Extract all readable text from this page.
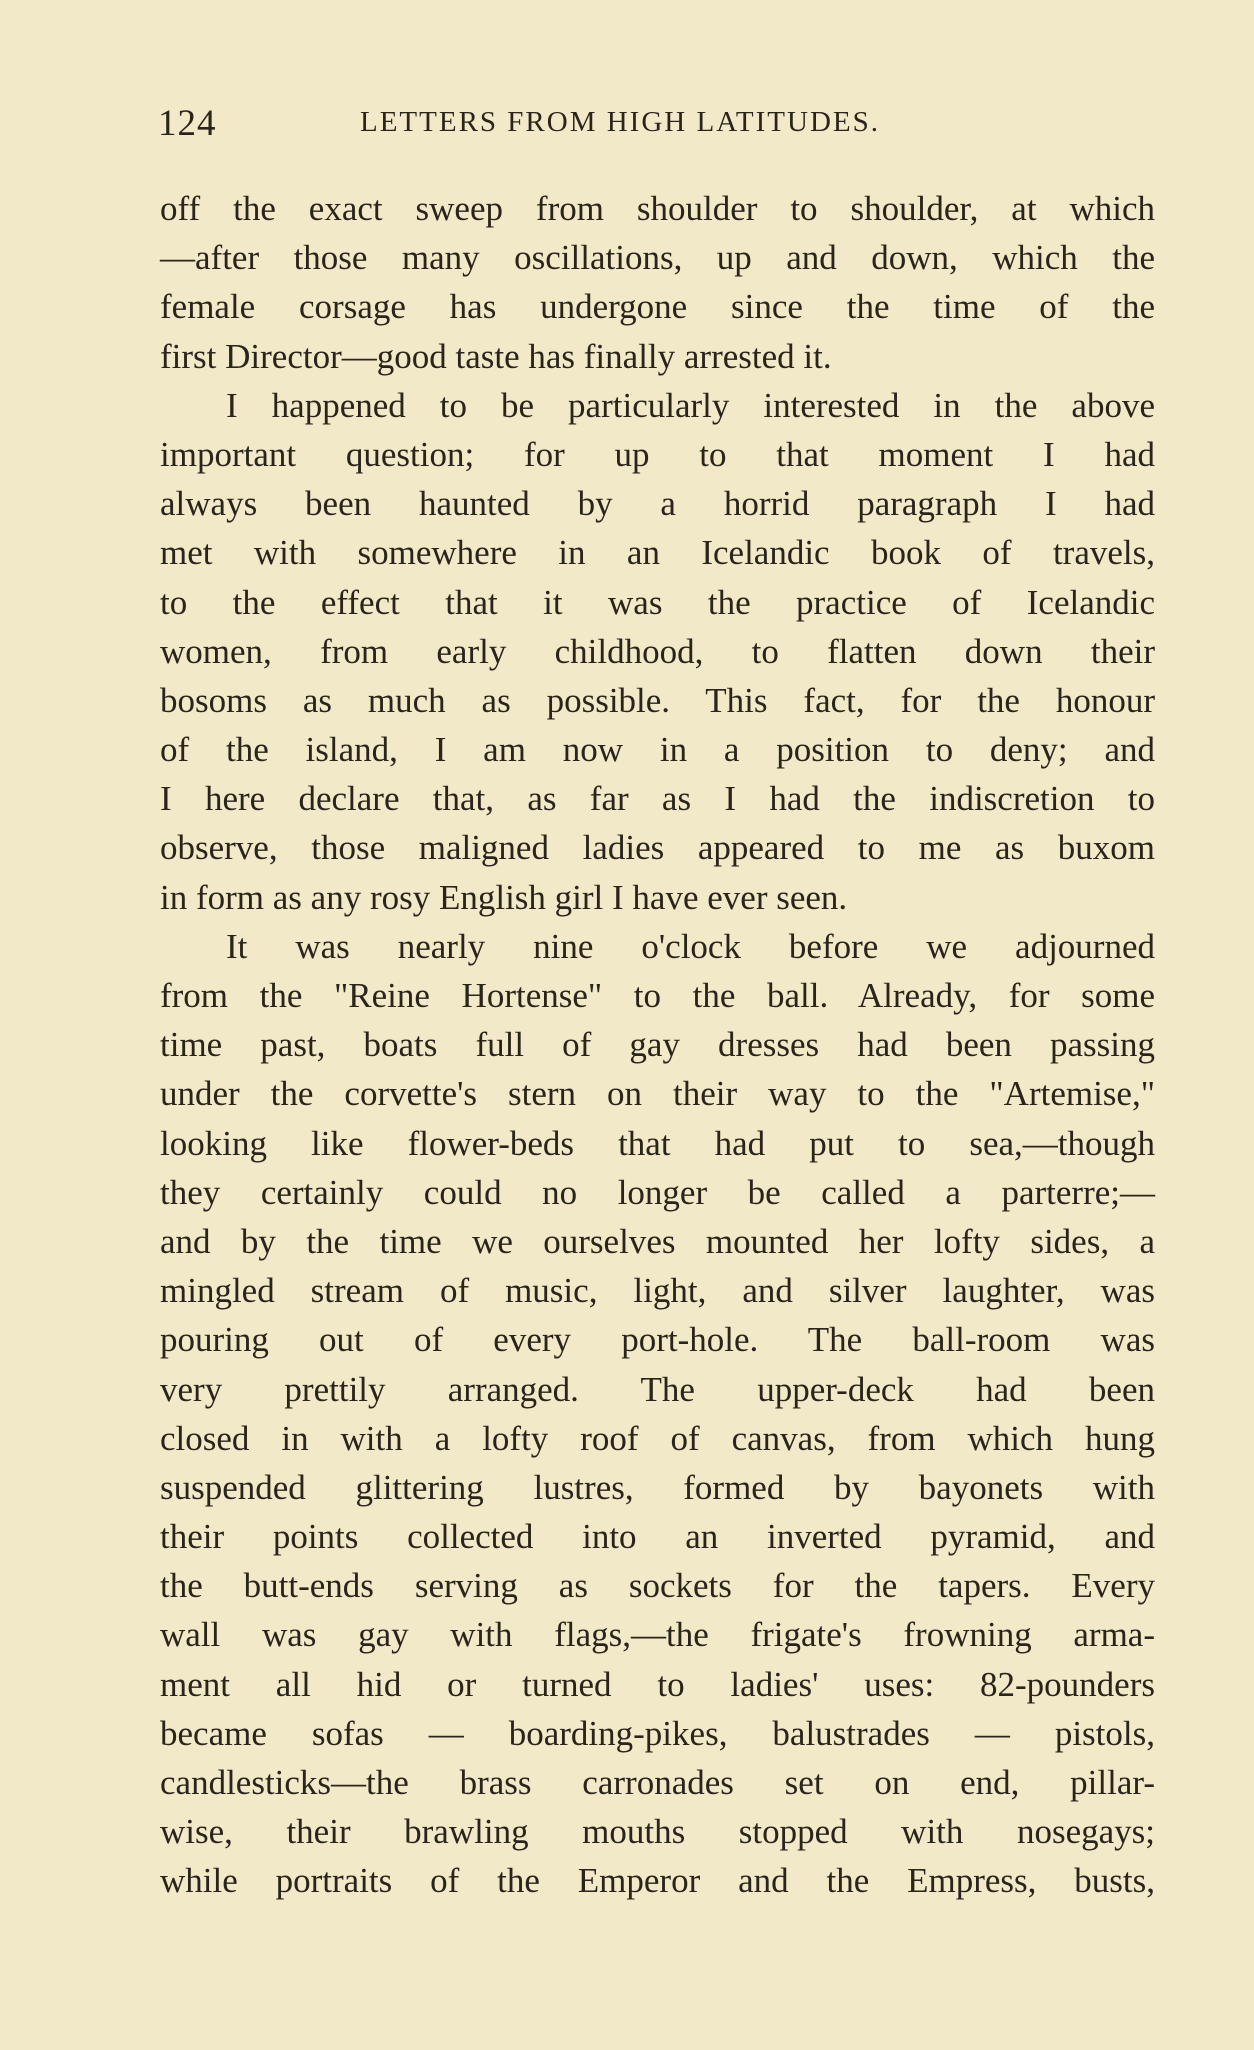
124	LETTERS FROM HIGH LATITUDES.
off the exact sweep from shoulder to shoulder, at which
—after those many oscillations, up and down, which the
female corsage has undergone since the time of the
first Director—good taste has finally arrested it.
I happened to be particularly interested in the above
important question; for up to that moment I had
always been haunted by a horrid paragraph I had
met with somewhere in an Icelandic book of travels,
to the effect that it was the practice of Icelandic
women, from early childhood, to flatten down their
bosoms as much as possible. This fact, for the honour
of the island, I am now in a position to deny; and
I here declare that, as far as I had the indiscretion to
observe, those maligned ladies appeared to me as buxom
in form as any rosy English girl I have ever seen.
It was nearly nine o'clock before we adjourned
from the "Reine Hortense" to the ball. Already, for some
time past, boats full of gay dresses had been passing
under the corvette's stern on their way to the "Artemise,"
looking like flower-beds that had put to sea,—though
they certainly could no longer be called a parterre;—
and by the time we ourselves mounted her lofty sides, a
mingled stream of music, light, and silver laughter, was
pouring out of every port-hole. The ball-room was
very prettily arranged. The upper-deck had been
closed in with a lofty roof of canvas, from which hung
suspended glittering lustres, formed by bayonets with
their points collected into an inverted pyramid, and
the butt-ends serving as sockets for the tapers. Every
wall was gay with flags,—the frigate's frowning arma-
ment all hid or turned to ladies' uses: 82-pounders
became sofas — boarding-pikes, balustrades — pistols,
candlesticks—the brass carronades set on end, pillar-
wise, their brawling mouths stopped with nosegays;
while portraits of the Emperor and the Empress, busts,
